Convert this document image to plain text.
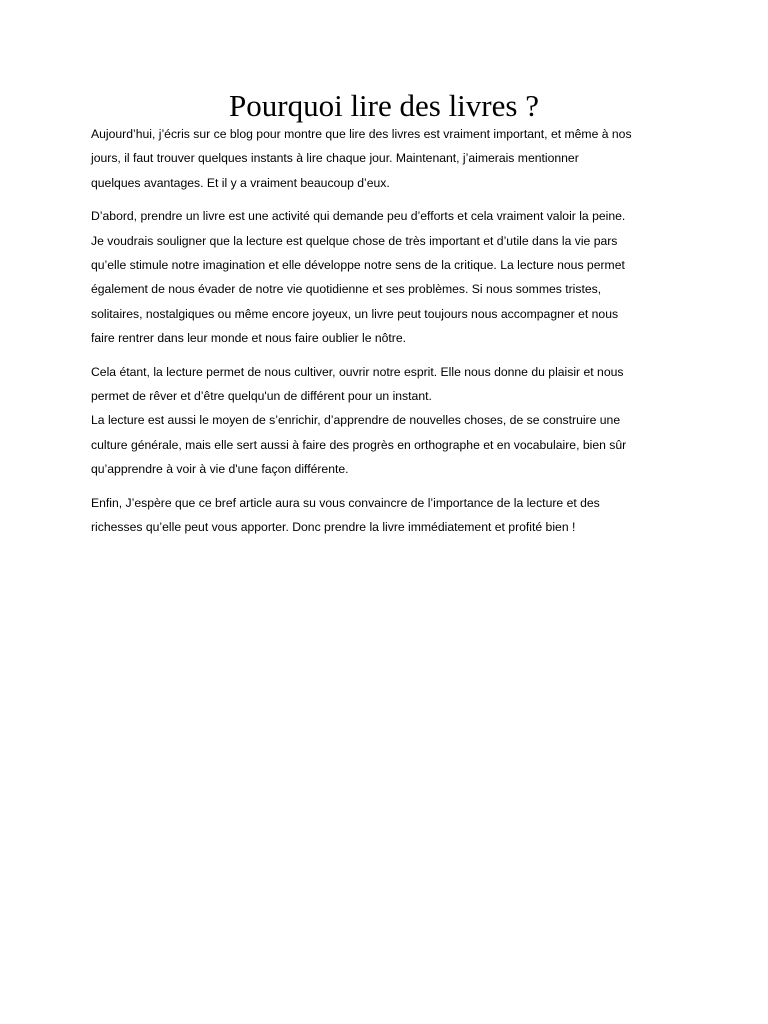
Pourquoi lire des livres ?

Aujourd’hui, j’écris sur ce blog pour montre que lire des livres est vraiment important, et même à nos
jours, il faut trouver quelques instants à lire chaque jour. Maintenant, j’aimerais mentionner
quelques avantages. Et il y a vraiment beaucoup d’eux.

D’abord, prendre un livre est une activité qui demande peu d’efforts et cela vraiment valoir la peine.
Je voudrais souligner que la lecture est quelque chose de très important et d’utile dans la vie pars
qu’elle stimule notre imagination et elle développe notre sens de la critique. La lecture nous permet
également de nous évader de notre vie quotidienne et ses problèmes. Si nous sommes tristes,
solitaires, nostalgiques ou même encore joyeux, un livre peut toujours nous accompagner et nous
faire rentrer dans leur monde et nous faire oublier le nôtre.

Cela étant, la lecture permet de nous cultiver, ouvrir notre esprit. Elle nous donne du plaisir et nous
permet de rêver et d’être quelqu'un de différent pour un instant.
La lecture est aussi le moyen de s’enrichir, d’apprendre de nouvelles choses, de se construire une
culture générale, mais elle sert aussi à faire des progrès en orthographe et en vocabulaire, bien sûr
qu’apprendre à voir à vie d'une façon différente.

Enfin, J’espère que ce bref article aura su vous convaincre de l’importance de la lecture et des
richesses qu’elle peut vous apporter. Donc prendre la livre immédiatement et profité bien !
